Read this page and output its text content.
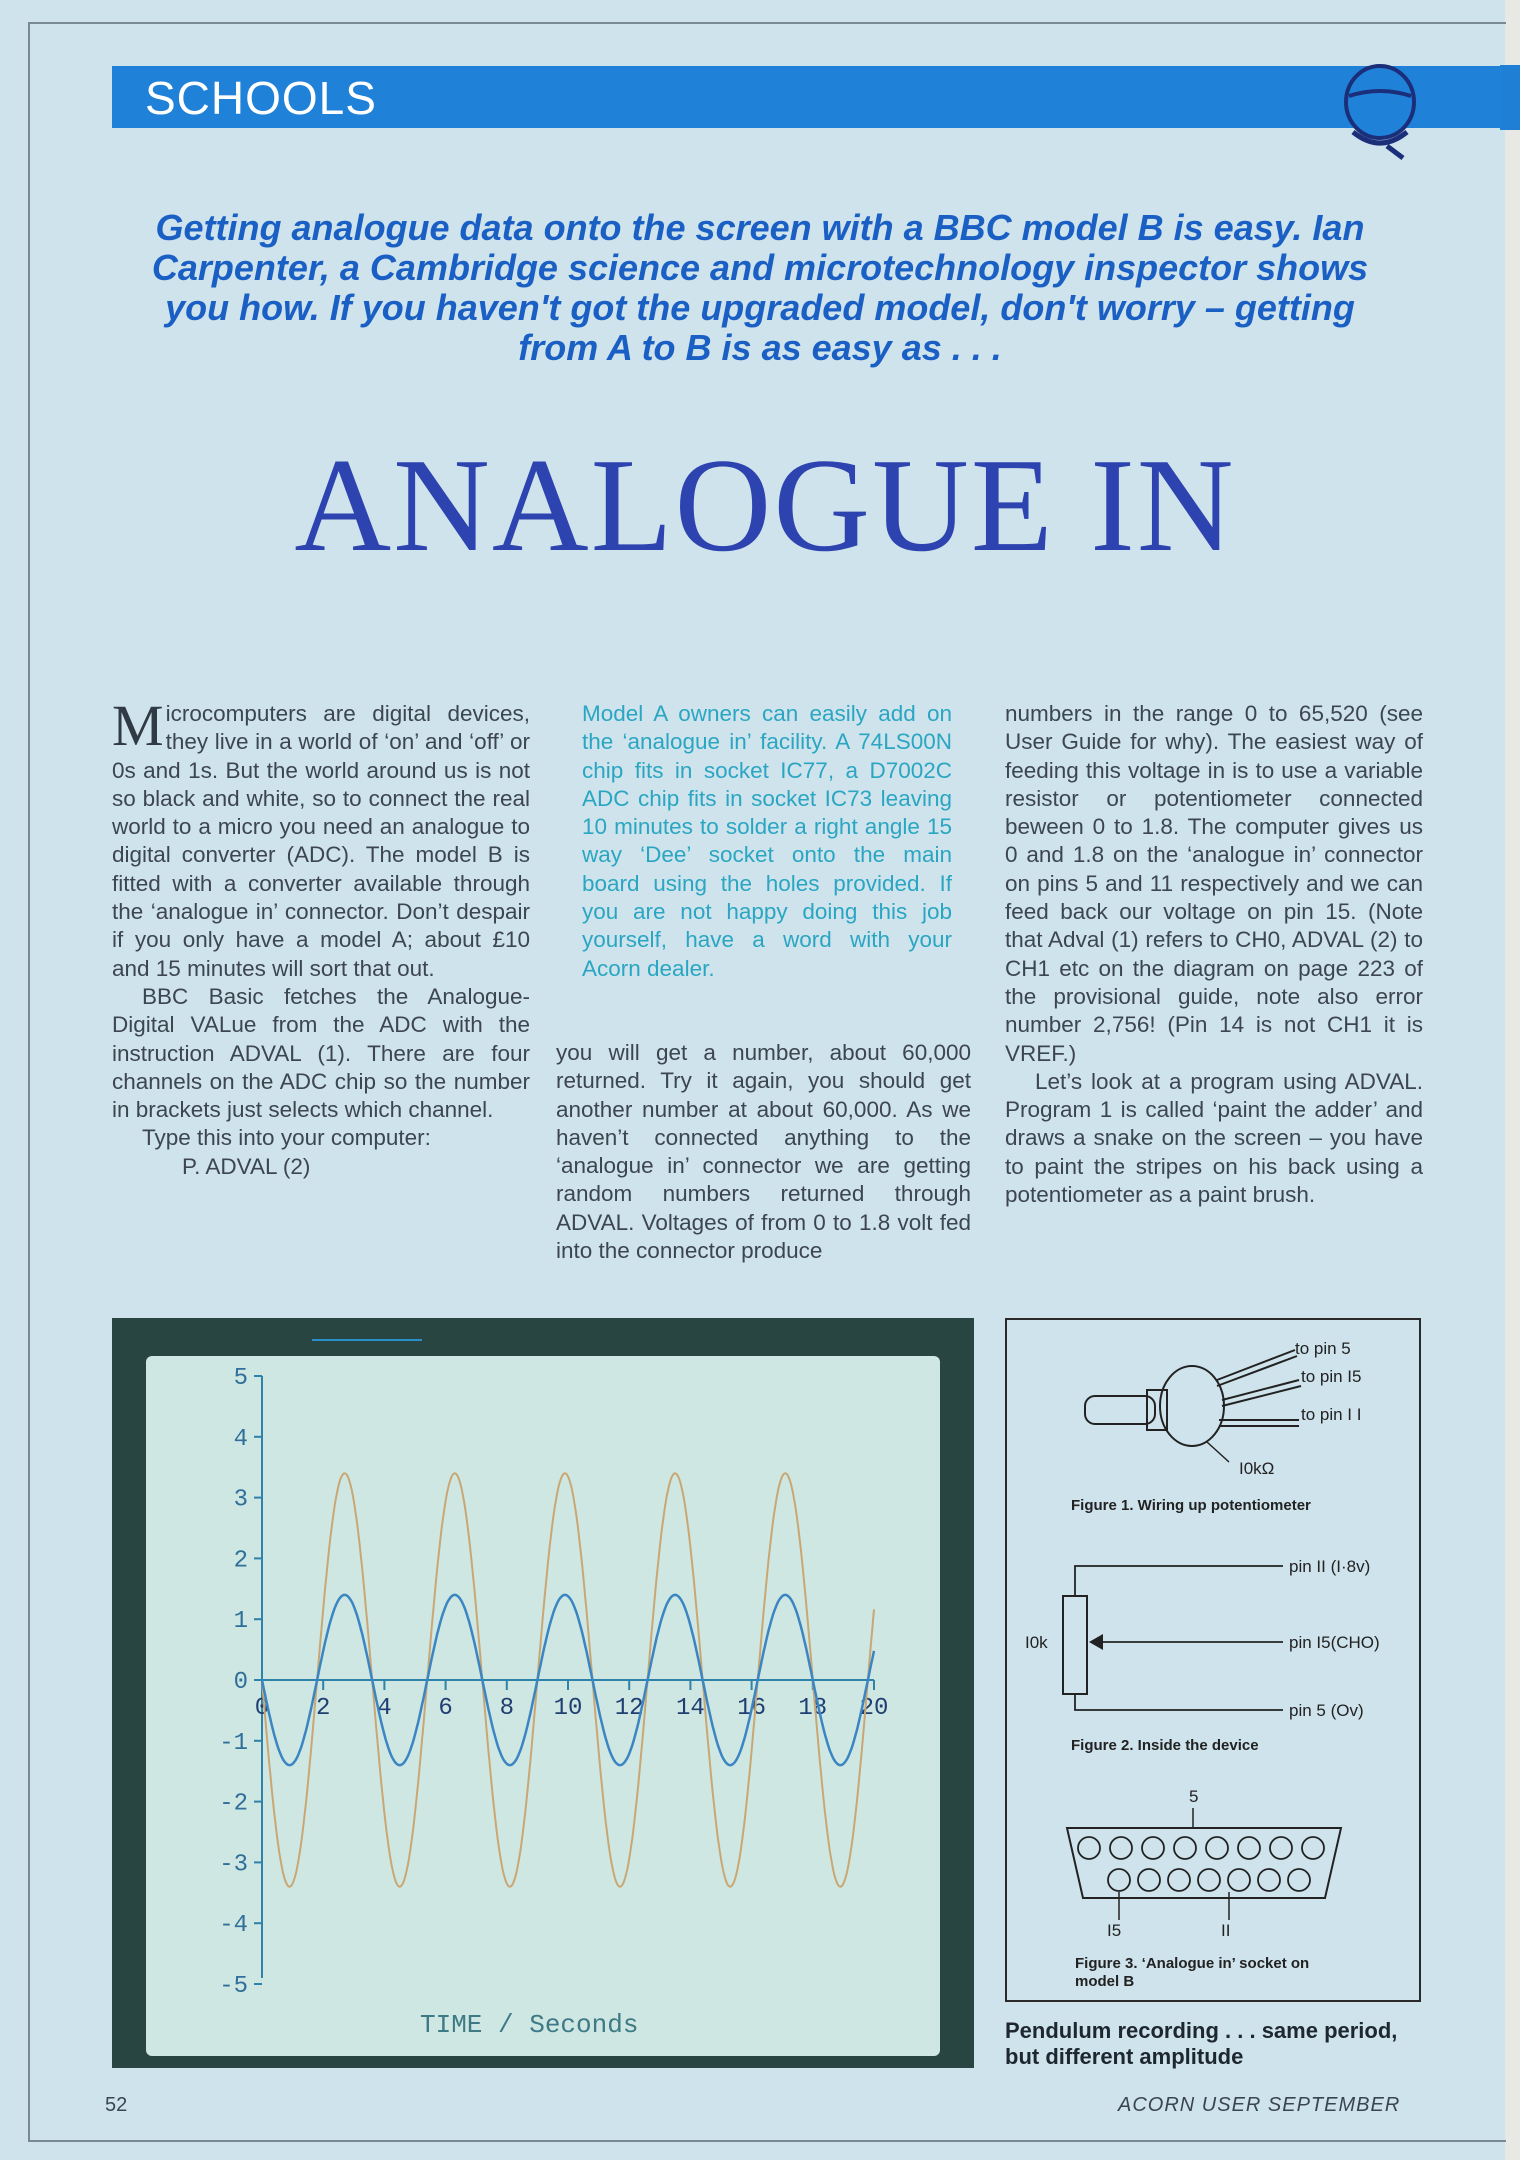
SCHOOLS
Getting analogue data onto the screen with a BBC model B is easy. Ian Carpenter, a Cambridge science and microtechnology inspector shows you how. If you haven't got the upgraded model, don't worry – getting from A to B is as easy as . . .
ANALOGUE IN

Microcomputers are digital devices, they live in a world of ‘on’ and ‘off’ or 0s and 1s. But the world around us is not so black and white, so to connect the real world to a micro you need an analogue to digital converter (ADC). The model B is fitted with a converter available through the ‘analogue in’ connector. Don’t despair if you only have a model A; about £10 and 15 minutes will sort that out.

BBC Basic fetches the Analogue-Digital VALue from the ADC with the instruction ADVAL (1). There are four channels on the ADC chip so the number in brackets just selects which channel.

Type this into your computer:

P. ADVAL (2)

Model A owners can easily add on the ‘analogue in’ facility. A 74LS00N chip fits in socket IC77, a D7002C ADC chip fits in socket IC73 leaving 10 minutes to solder a right angle 15 way ‘Dee’ socket onto the main board using the holes provided. If you are not happy doing this job yourself, have a word with your Acorn dealer.
you will get a number, about 60,000 returned. Try it again, you should get another number at about 60,000. As we haven’t connected anything to the ‘analogue in’ connector we are getting random numbers returned through ADVAL. Voltages of from 0 to 1.8 volt fed into the connector produce

numbers in the range 0 to 65,520 (see User Guide for why). The easiest way of feeding this voltage in is to use a variable resistor or potentiometer connected beween 0 to 1.8. The computer gives us 0 and 1.8 on the ‘analogue in’ connector on pins 5 and 11 respectively and we can feed back our voltage on pin 15. (Note that Adval (1) refers to CH0, ADVAL (2) to CH1 etc on the diagram on page 223 of the provisional guide, note also error number 2,756! (Pin 14 is not CH1 it is VREF.)

Let’s look at a program using ADVAL. Program 1 is called ‘paint the adder’ and draws a snake on the screen – you have to paint the stripes on his back using a potentiometer as a paint brush.

5
4
3
2
1
0
-1
-2
-3
-4
-5
0 2 4 6 8 10 12 14 16 18 20
TIME / Seconds
to pin 5
to pin I5
to pin I I
I0kΩ
Figure 1. Wiring up potentiometer
pin II (I·8v)
pin I5(CHO)
pin 5 (Ov)
I0k
Figure 2. Inside the device
5
I5	II
Figure 3. ‘Analogue in’ socket on
model B
Pendulum recording . . . same period, but different amplitude
52	ACORN USER SEPTEMBER
